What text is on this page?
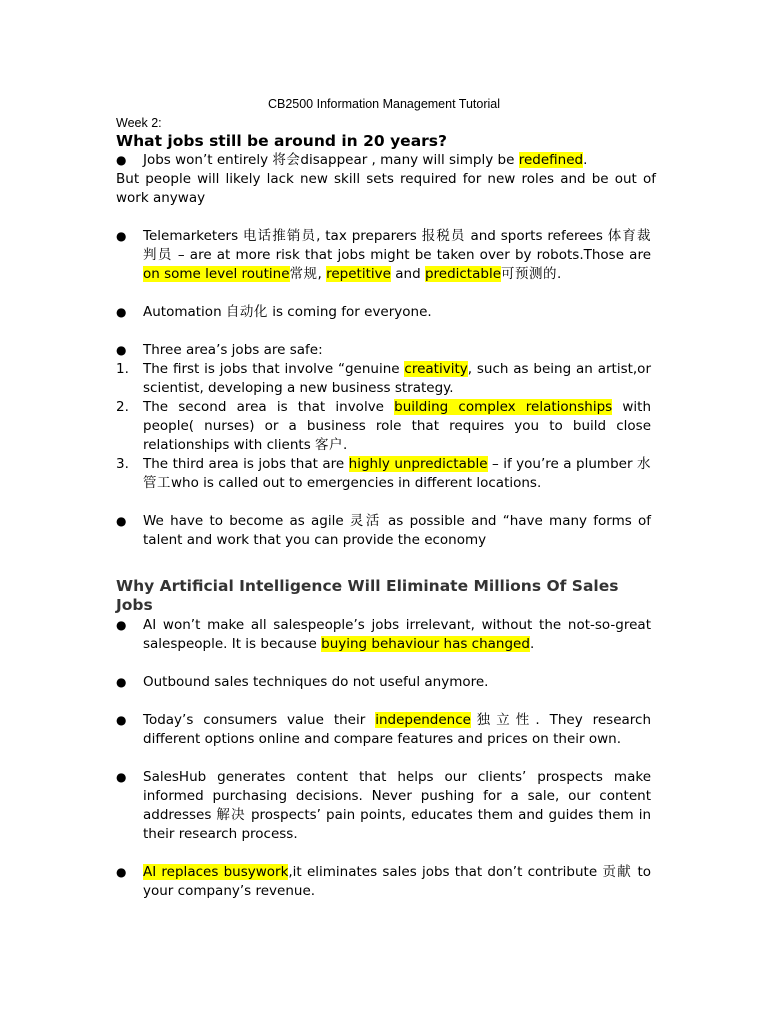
CB2500 Information Management Tutorial
Week 2:
What jobs still be around in 20 years?
● Jobs won’t entirely 将会disappear , many will simply be redefined.
But people will likely lack new skill sets required for new roles and be out of work anyway
● Telemarketers 电话推销员, tax preparers 报税员 and sports referees 体育裁判员 – are at more risk that jobs might be taken over by robots.Those are on some level routine常规, repetitive and predictable可预测的.
● Automation 自动化 is coming for everyone.
● Three area’s jobs are safe:
1. The first is jobs that involve “genuine creativity, such as being an artist,or scientist, developing a new business strategy.
2. The second area is that involve building complex relationships with people( nurses) or a business role that requires you to build close relationships with clients 客户.
3. The third area is jobs that are highly unpredictable – if you’re a plumber 水管工who is called out to emergencies in different locations.
● We have to become as agile 灵活 as possible and “have many forms of talent and work that you can provide the economy
Why Artificial Intelligence Will Eliminate Millions Of Sales Jobs
● AI won’t make all salespeople’s jobs irrelevant, without the not-so-great salespeople. It is because buying behaviour has changed.
● Outbound sales techniques do not useful anymore.
● Today’s consumers value their independence独立性. They research different options online and compare features and prices on their own.
● SalesHub generates content that helps our clients’ prospects make informed purchasing decisions. Never pushing for a sale, our content addresses 解决 prospects’ pain points, educates them and guides them in their research process.
● AI replaces busywork,it eliminates sales jobs that don’t contribute 贡献 to your company’s revenue.
